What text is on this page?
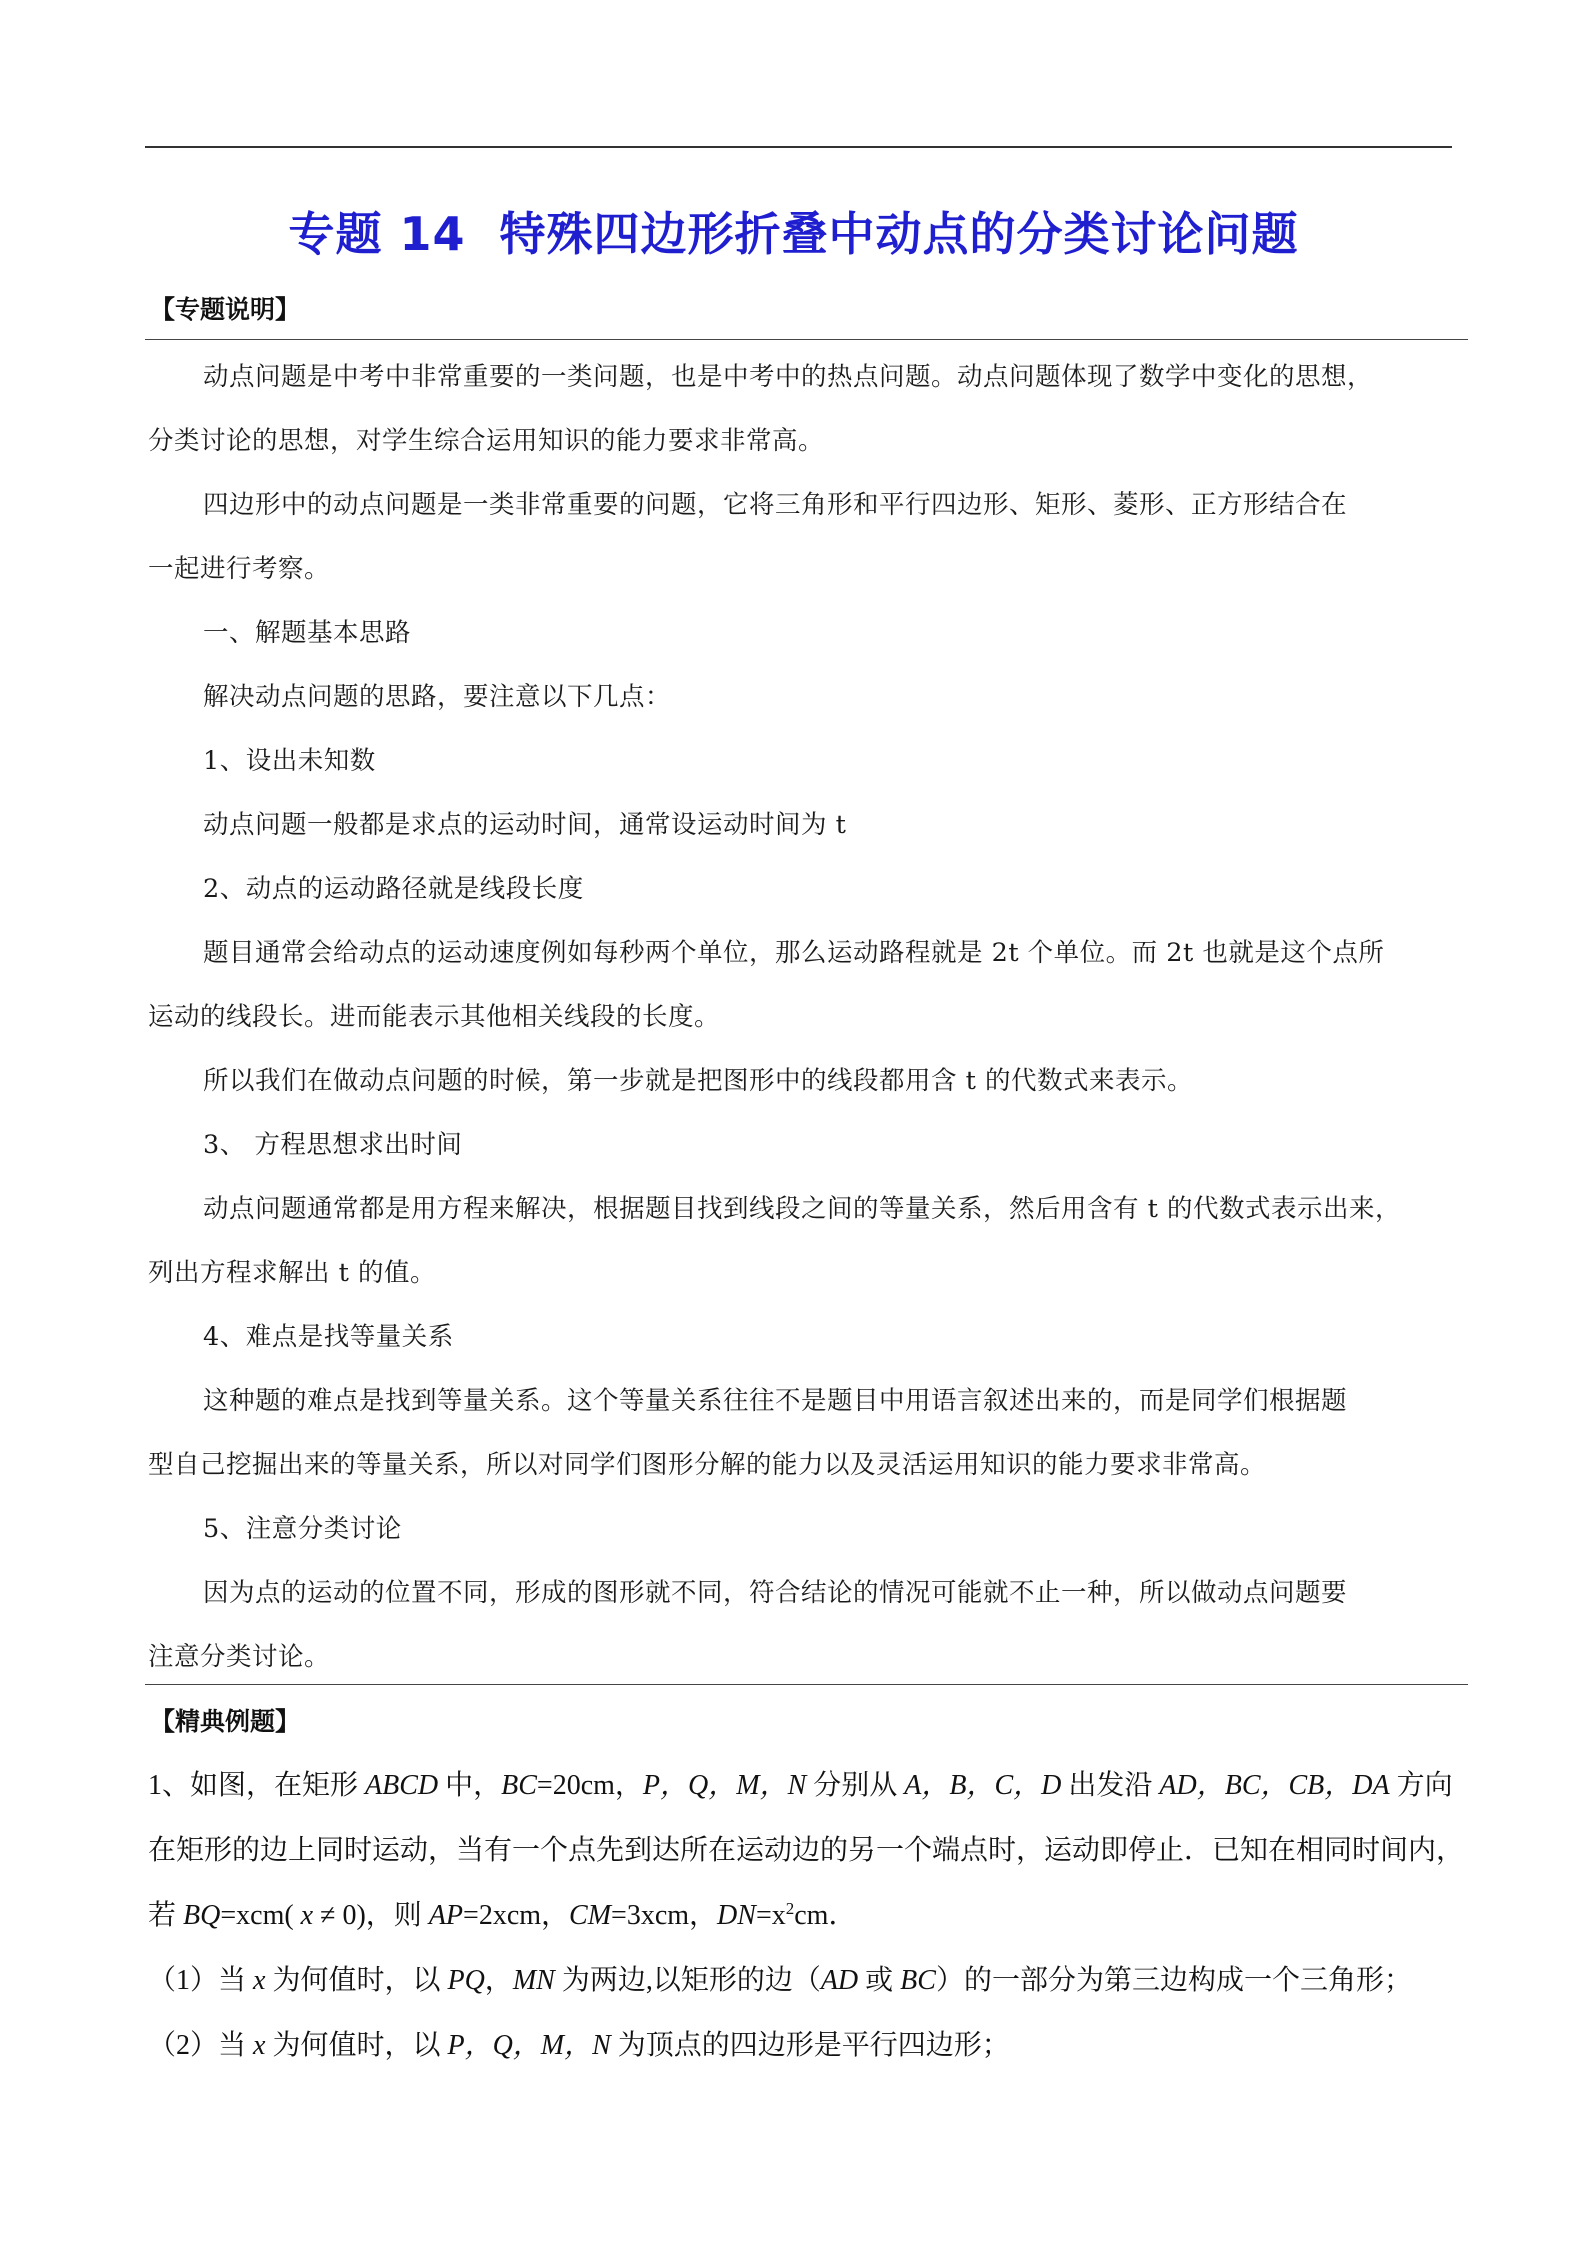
专题 14 特殊四边形折叠中动点的分类讨论问题
【专题说明】
动点问题是中考中非常重要的一类问题，也是中考中的热点问题。动点问题体现了数学中变化的思想，
分类讨论的思想，对学生综合运用知识的能力要求非常高。
四边形中的动点问题是一类非常重要的问题，它将三角形和平行四边形、矩形、菱形、正方形结合在
一起进行考察。
一、解题基本思路
解决动点问题的思路，要注意以下几点：
1、设出未知数
动点问题一般都是求点的运动时间，通常设运动时间为 t
2、动点的运动路径就是线段长度
题目通常会给动点的运动速度例如每秒两个单位，那么运动路程就是 2t 个单位。而 2t 也就是这个点所
运动的线段长。进而能表示其他相关线段的长度。
所以我们在做动点问题的时候，第一步就是把图形中的线段都用含 t 的代数式来表示。
3、 方程思想求出时间
动点问题通常都是用方程来解决，根据题目找到线段之间的等量关系，然后用含有 t 的代数式表示出来，
列出方程求解出 t 的值。
4、难点是找等量关系
这种题的难点是找到等量关系。这个等量关系往往不是题目中用语言叙述出来的，而是同学们根据题
型自己挖掘出来的等量关系，所以对同学们图形分解的能力以及灵活运用知识的能力要求非常高。
5、注意分类讨论
因为点的运动的位置不同，形成的图形就不同，符合结论的情况可能就不止一种，所以做动点问题要
注意分类讨论。
【精典例题】
1、如图，在矩形 ABCD 中，BC=20cm，P，Q，M，N 分别从 A，B，C，D 出发沿 AD，BC，CB，DA 方向
在矩形的边上同时运动，当有一个点先到达所在运动边的另一个端点时，运动即停止．已知在相同时间内，
若 BQ=xcm( x ≠ 0)，则 AP=2xcm，CM=3xcm，$DN=x^2cm$．
（1）当 x 为何值时，以 PQ，MN 为两边,以矩形的边（AD 或 BC）的一部分为第三边构成一个三角形；
（2）当 x 为何值时，以 P，Q，M，N 为顶点的四边形是平行四边形；
